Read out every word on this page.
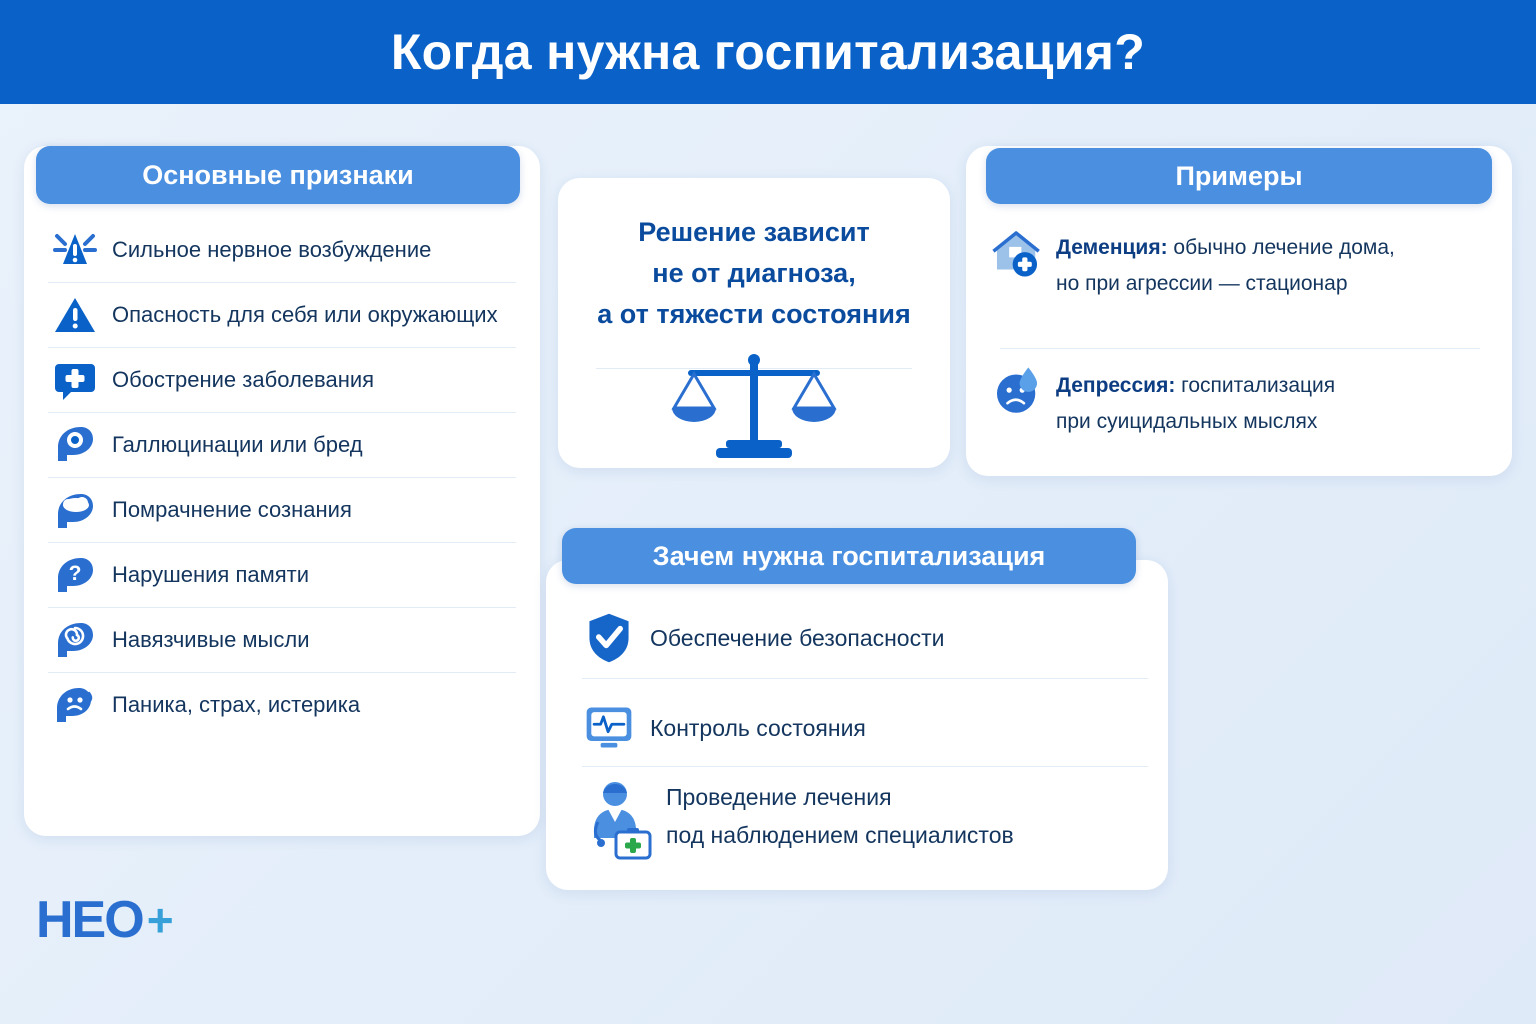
Когда нужна госпитализация?
Основные признаки
Сильное нервное возбуждение
Опасность для себя или окружающих
Обострение заболевания
Галлюцинации или бред
Помрачнение сознания
? Нарушения памяти
Навязчивые мысли
Паника, страх, истерика
Решение зависит
не от диагноза,
а от тяжести состояния
Примеры
Деменция: обычно лечение дома,
но при агрессии — стационар
Депрессия: госпитализация
при суицидальных мыслях
Зачем нужна госпитализация
Обеспечение безопасности
Контроль состояния
Проведение лечения
под наблюдением специалистов
HEO +
